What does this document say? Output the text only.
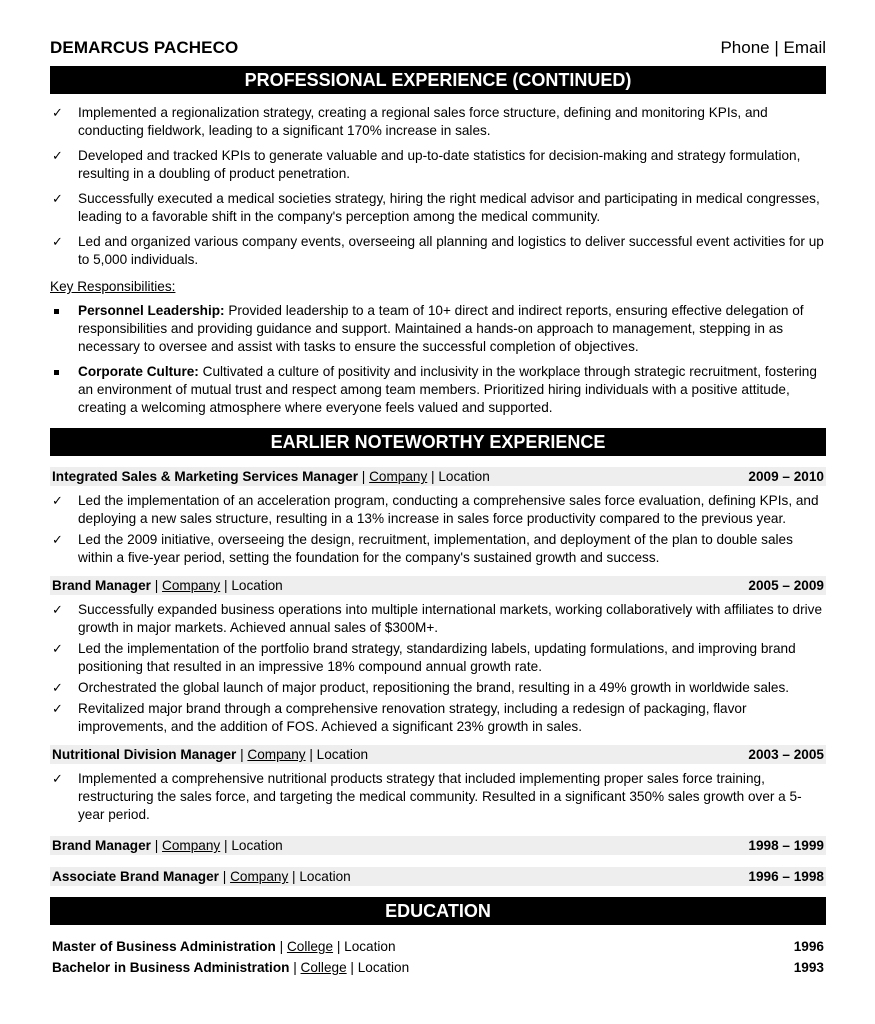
DEMARCUS PACHECO	Phone | Email
PROFESSIONAL EXPERIENCE (CONTINUED)
✓ Implemented a regionalization strategy, creating a regional sales force structure, defining and monitoring KPIs, and conducting fieldwork, leading to a significant 170% increase in sales.
✓ Developed and tracked KPIs to generate valuable and up-to-date statistics for decision-making and strategy formulation, resulting in a doubling of product penetration.
✓ Successfully executed a medical societies strategy, hiring the right medical advisor and participating in medical congresses, leading to a favorable shift in the company's perception among the medical community.
✓ Led and organized various company events, overseeing all planning and logistics to deliver successful event activities for up to 5,000 individuals.

Key Responsibilities:

Personnel Leadership: Provided leadership to a team of 10+ direct and indirect reports, ensuring effective delegation of responsibilities and providing guidance and support. Maintained a hands-on approach to management, stepping in as necessary to oversee and assist with tasks to ensure the successful completion of objectives.
Corporate Culture: Cultivated a culture of positivity and inclusivity in the workplace through strategic recruitment, fostering an environment of mutual trust and respect among team members. Prioritized hiring individuals with a positive attitude, creating a welcoming atmosphere where everyone feels valued and supported.
EARLIER NOTEWORTHY EXPERIENCE
Integrated Sales & Marketing Services Manager | Company | Location	2009 – 2010
✓ Led the implementation of an acceleration program, conducting a comprehensive sales force evaluation, defining KPIs, and deploying a new sales structure, resulting in a 13% increase in sales force productivity compared to the previous year.
✓ Led the 2009 initiative, overseeing the design, recruitment, implementation, and deployment of the plan to double sales within a five-year period, setting the foundation for the company's sustained growth and success.
Brand Manager | Company | Location	2005 – 2009
✓ Successfully expanded business operations into multiple international markets, working collaboratively with affiliates to drive growth in major markets. Achieved annual sales of $300M+.
✓ Led the implementation of the portfolio brand strategy, standardizing labels, updating formulations, and improving brand positioning that resulted in an impressive 18% compound annual growth rate.
✓ Orchestrated the global launch of major product, repositioning the brand, resulting in a 49% growth in worldwide sales.
✓ Revitalized major brand through a comprehensive renovation strategy, including a redesign of packaging, flavor improvements, and the addition of FOS. Achieved a significant 23% growth in sales.
Nutritional Division Manager | Company | Location	2003 – 2005
✓ Implemented a comprehensive nutritional products strategy that included implementing proper sales force training, restructuring the sales force, and targeting the medical community. Resulted in a significant 350% sales growth over a 5-year period.
Brand Manager | Company | Location	1998 – 1999
Associate Brand Manager | Company | Location	1996 – 1998
EDUCATION
Master of Business Administration | College | Location	1996
Bachelor in Business Administration | College | Location	1993
